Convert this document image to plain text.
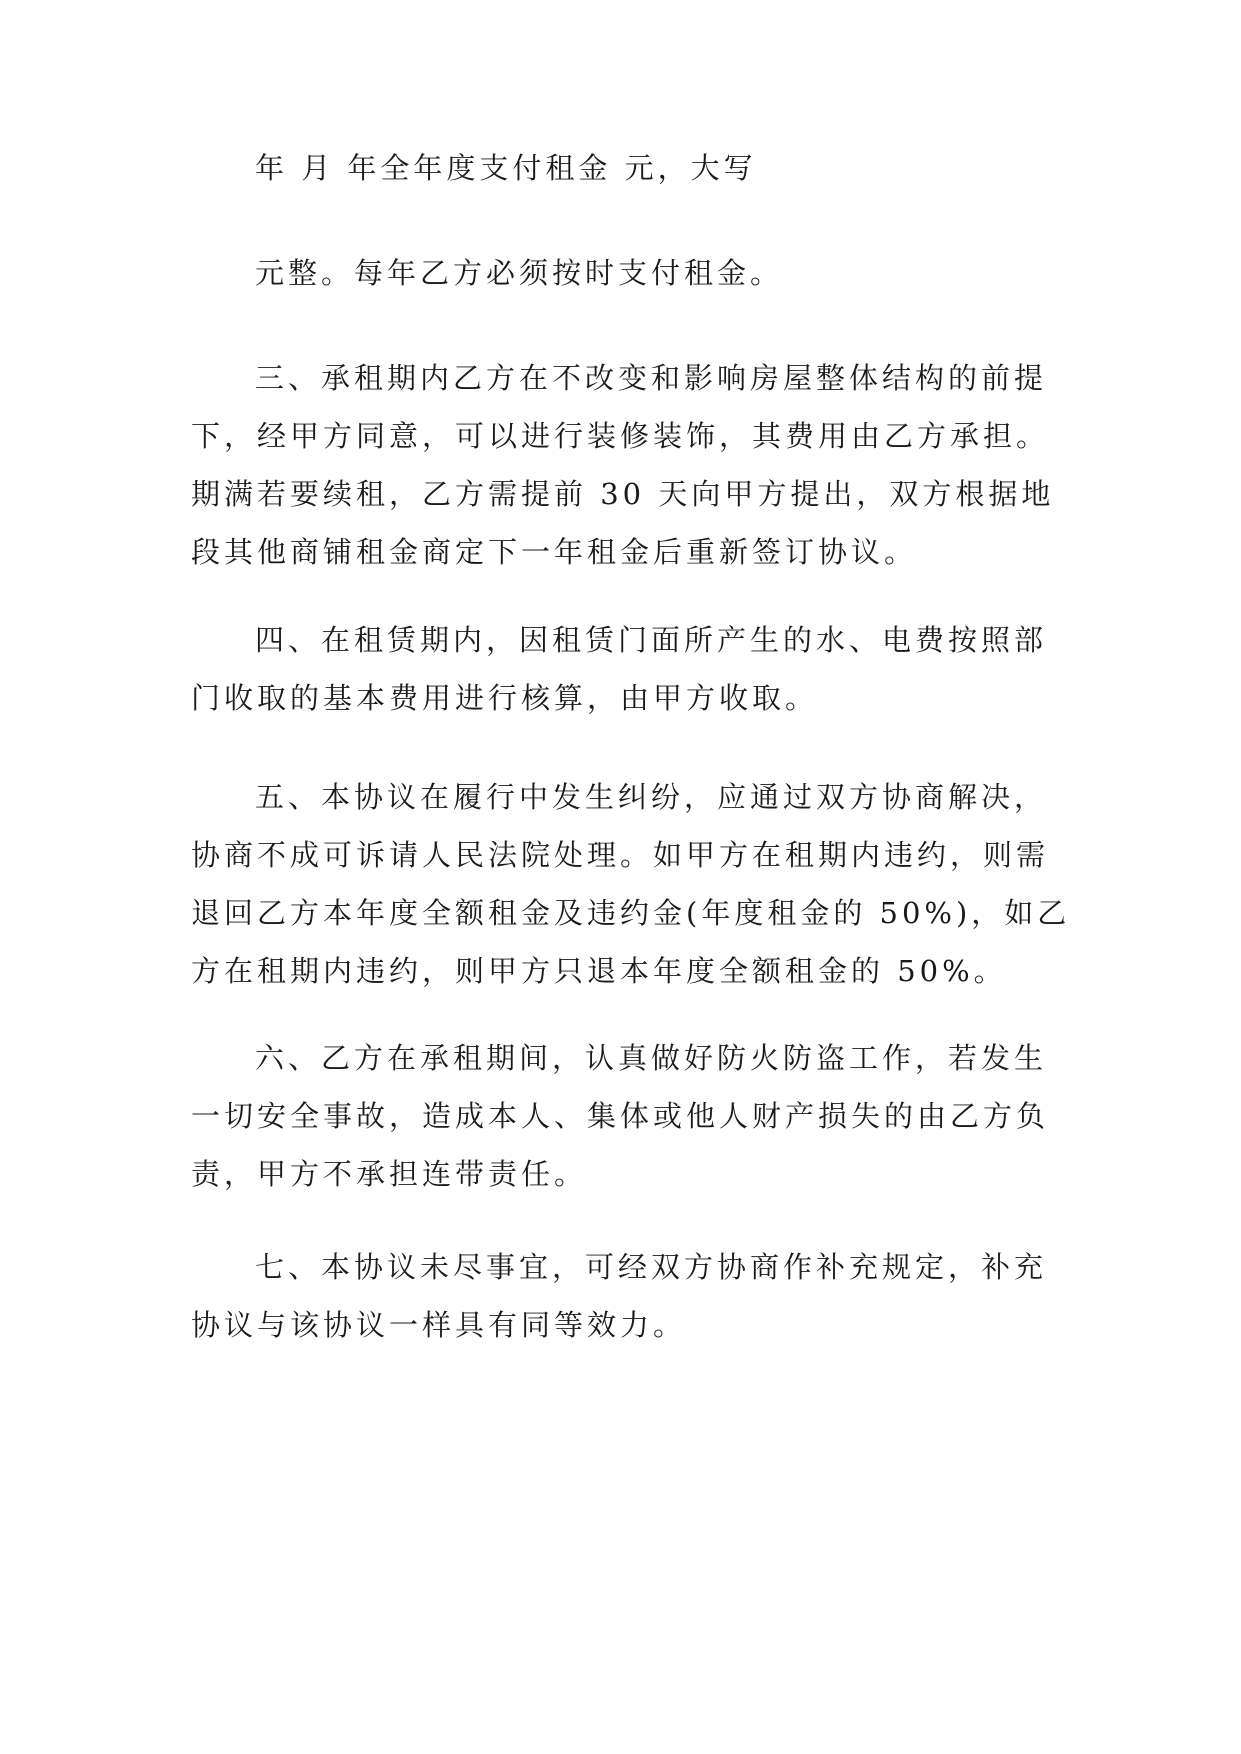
年 月 年全年度支付租金 元，大写

元整。每年乙方必须按时支付租金。

三、承租期内乙方在不改变和影响房屋整体结构的前提
下，经甲方同意，可以进行装修装饰，其费用由乙方承担。
期满若要续租，乙方需提前 30 天向甲方提出，双方根据地
段其他商铺租金商定下一年租金后重新签订协议。

四、在租赁期内，因租赁门面所产生的水、电费按照部
门收取的基本费用进行核算，由甲方收取。

五、本协议在履行中发生纠纷，应通过双方协商解决，
协商不成可诉请人民法院处理。如甲方在租期内违约，则需
退回乙方本年度全额租金及违约金(年度租金的 50%)，如乙
方在租期内违约，则甲方只退本年度全额租金的 50%。

六、乙方在承租期间，认真做好防火防盗工作，若发生
一切安全事故，造成本人、集体或他人财产损失的由乙方负
责，甲方不承担连带责任。

七、本协议未尽事宜，可经双方协商作补充规定，补充
协议与该协议一样具有同等效力。
